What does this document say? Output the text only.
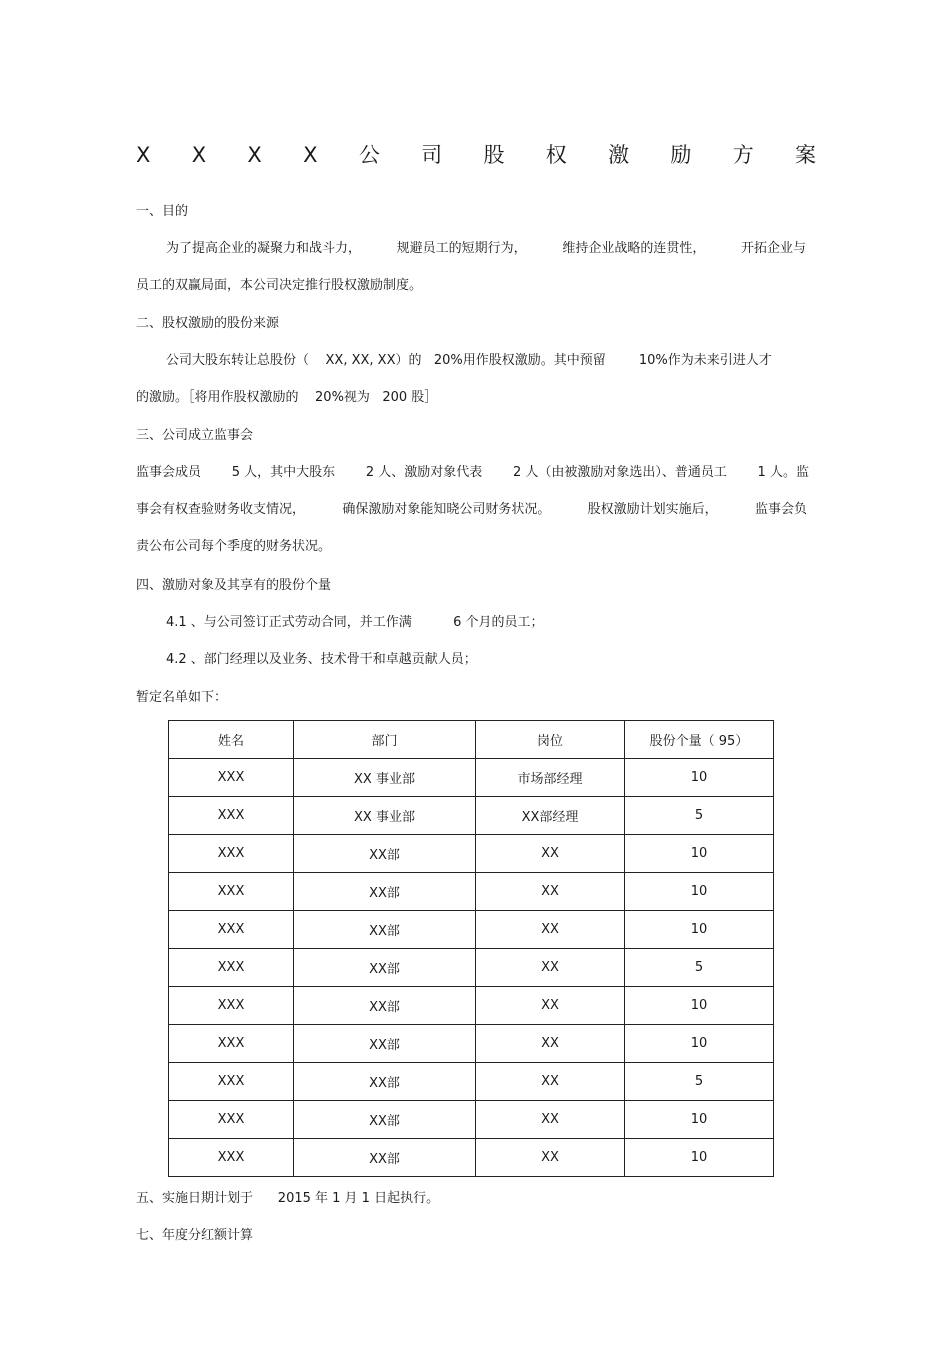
X X X X 公 司 股 权 激 励 方 案
一、目的
为了提高企业的凝聚力和战斗力，	规避员工的短期行为，	维持企业战略的连贯性，	开拓企业与
员工的双赢局面，本公司决定推行股权激励制度。
二、股权激励的股份来源
公司大股东转让总股份（    XX, XX, XX）的   20%用作股权激励。其中预留        10%作为未来引进人才
的激励。［将用作股权激励的    20%视为   200 股］
三、公司成立监事会
监事会成员 5 人，其中大股东 2 人、激励对象代表 2 人（由被激励对象选出）、普通员工 1 人。监
事会有权查验财务收支情况，	确保激励对象能知晓公司财务状况。	股权激励计划实施后，	监事会负
责公布公司每个季度的财务状况。
四、激励对象及其享有的股份个量
4.1 、与公司签订正式劳动合同，并工作满          6 个月的员工；
4.2 、部门经理以及业务、技术骨干和卓越贡献人员；
暂定名单如下：
姓名	部门	岗位	股份个量（ 95）
XXX	XX 事业部	市场部经理	10
XXX	XX 事业部	XX部经理	5
XXX	XX部	XX	10
XXX	XX部	XX	10
XXX	XX部	XX	10
XXX	XX部	XX	5
XXX	XX部	XX	10
XXX	XX部	XX	10
XXX	XX部	XX	5
XXX	XX部	XX	10
XXX	XX部	XX	10
五、实施日期计划于      2015 年 1 月 1 日起执行。
七、年度分红额计算
